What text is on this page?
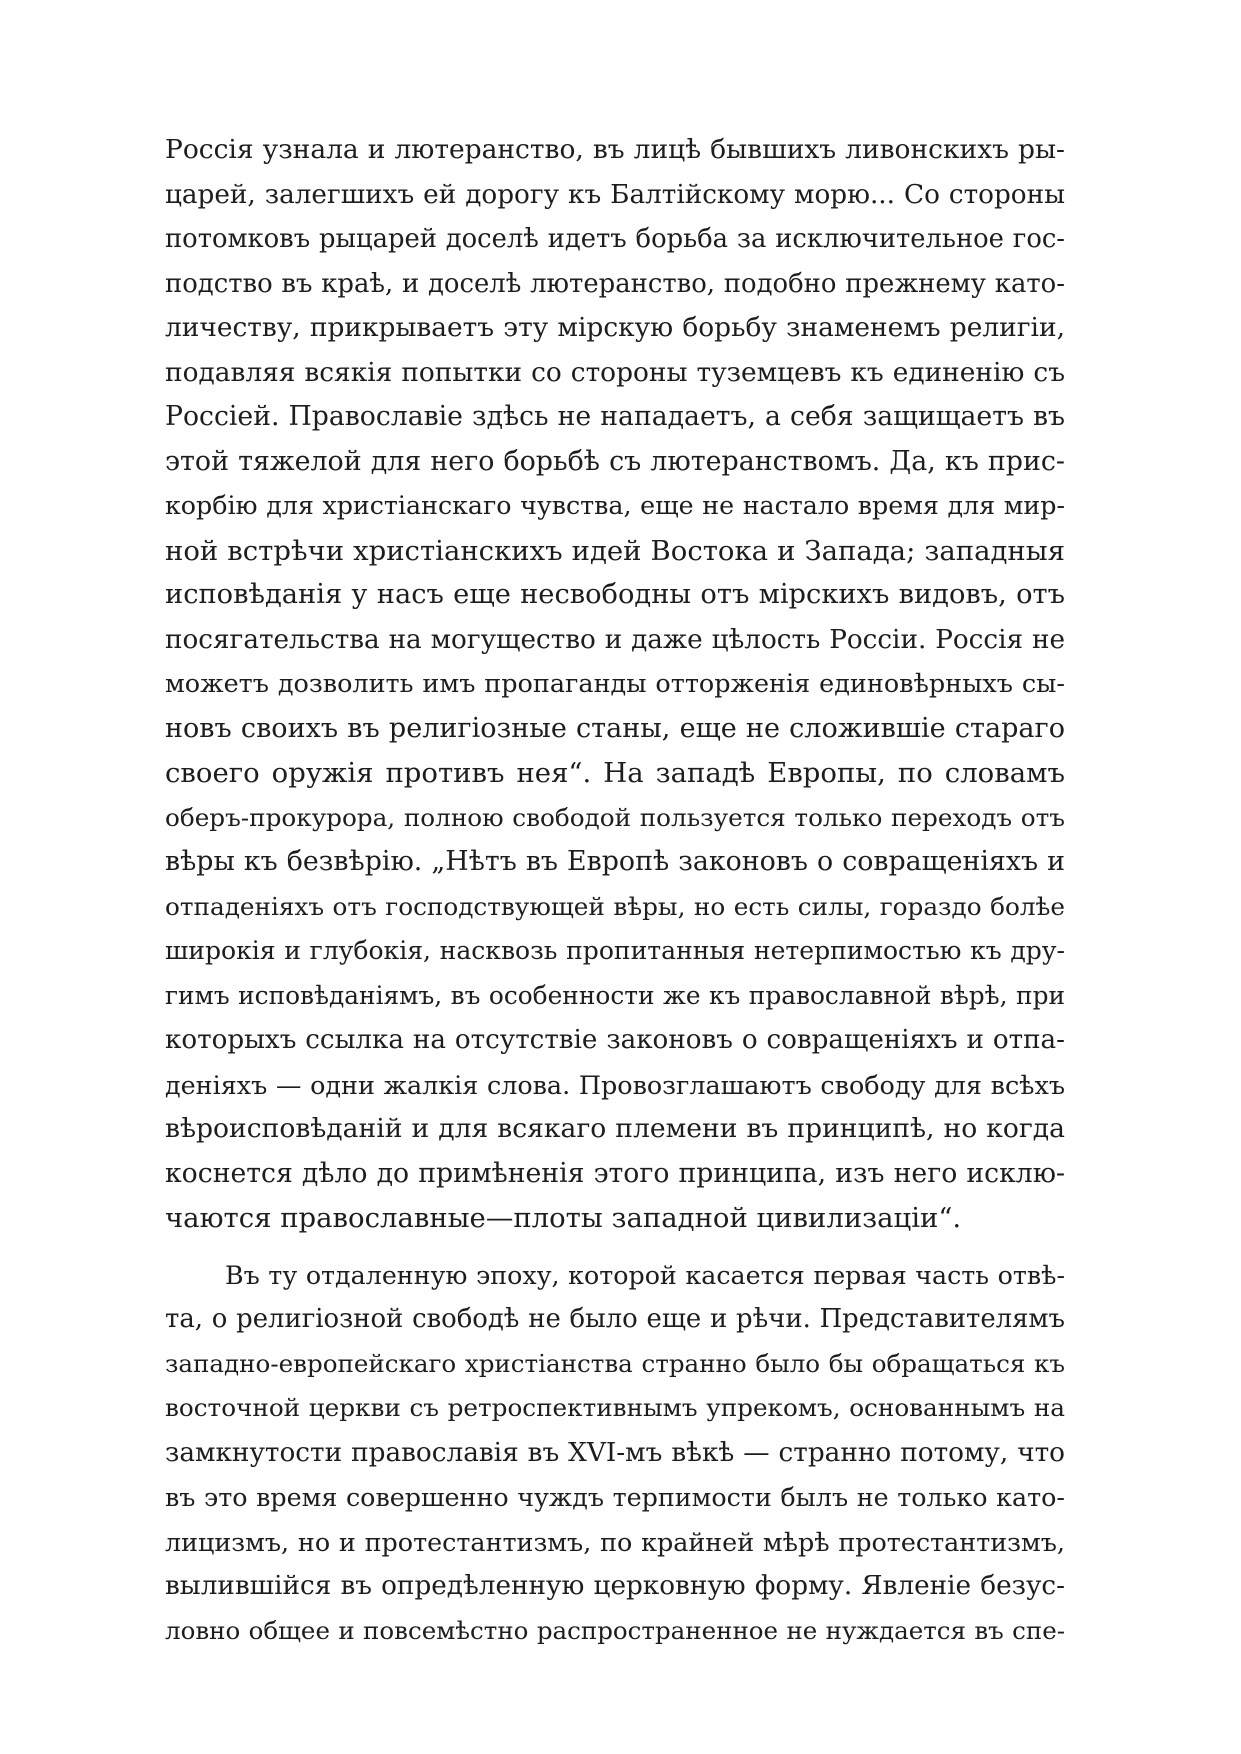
Россія узнала и лютеранство, въ лицѣ бывшихъ ливонскихъ ры-
царей, залегшихъ ей дорогу къ Балтійскому морю... Со стороны
потомковъ рыцарей доселѣ идетъ борьба за исключительное гос-
подство въ краѣ, и доселѣ лютеранство, подобно прежнему като-
личеству, прикрываетъ эту мірскую борьбу знаменемъ религіи,
подавляя всякія попытки со стороны туземцевъ къ единенію съ
Россіей. Православіе здѣсь не нападаетъ, а себя защищаетъ въ
этой тяжелой для него борьбѣ съ лютеранствомъ. Да, къ приc-
корбію для христіанскаго чувства, еще не настало время для мир-
ной встрѣчи христіанскихъ идей Востока и Запада; западныя
исповѣданія у насъ еще несвободны отъ мірскихъ видовъ, отъ
посягательства на могущество и даже цѣлость Россіи. Россія не
можетъ дозволить имъ пропаганды отторженія единовѣрныхъ сы-
новъ своихъ въ религіозные станы, еще не сложившіе стараго
своего оружія противъ нея“. На западѣ Европы, по словамъ
оберъ-прокурора, полною свободой пользуется только переходъ отъ
вѣры къ безвѣрію. „Нѣтъ въ Европѣ законовъ о совращеніяхъ и
отпаденіяхъ отъ господствующей вѣры, но есть силы, гораздо болѣе
широкія и глубокія, насквозь пропитанныя нетерпимостью къ дру-
гимъ исповѣданіямъ, въ особенности же къ православной вѣрѣ, при
которыхъ ссылка на отсутствіе законовъ о совращеніяхъ и отпа-
деніяхъ — одни жалкія слова. Провозглашаютъ свободу для всѣхъ
вѣроисповѣданій и для всякаго племени въ принципѣ, но когда
коснется дѣло до примѣненія этого принципа, изъ него исклю-
чаются православные—плоты западной цивилизаціи“.
Въ ту отдаленную эпоху, которой касается первая часть отвѣ-
та, о религіозной свободѣ не было еще и рѣчи. Представителямъ
западно-европейскаго христіанства странно было бы обращаться къ
восточной церкви съ ретроспективнымъ упрекомъ, основаннымъ на
замкнутости православія въ XVI-мъ вѣкѣ — странно потому, что
въ это время совершенно чуждъ терпимости былъ не только като-
лицизмъ, но и протестантизмъ, по крайней мѣрѣ протестантизмъ,
вылившійся въ опредѣленную церковную форму. Явленіе безус-
ловно общее и повсемѣстно распространенное не нуждается въ спе-
